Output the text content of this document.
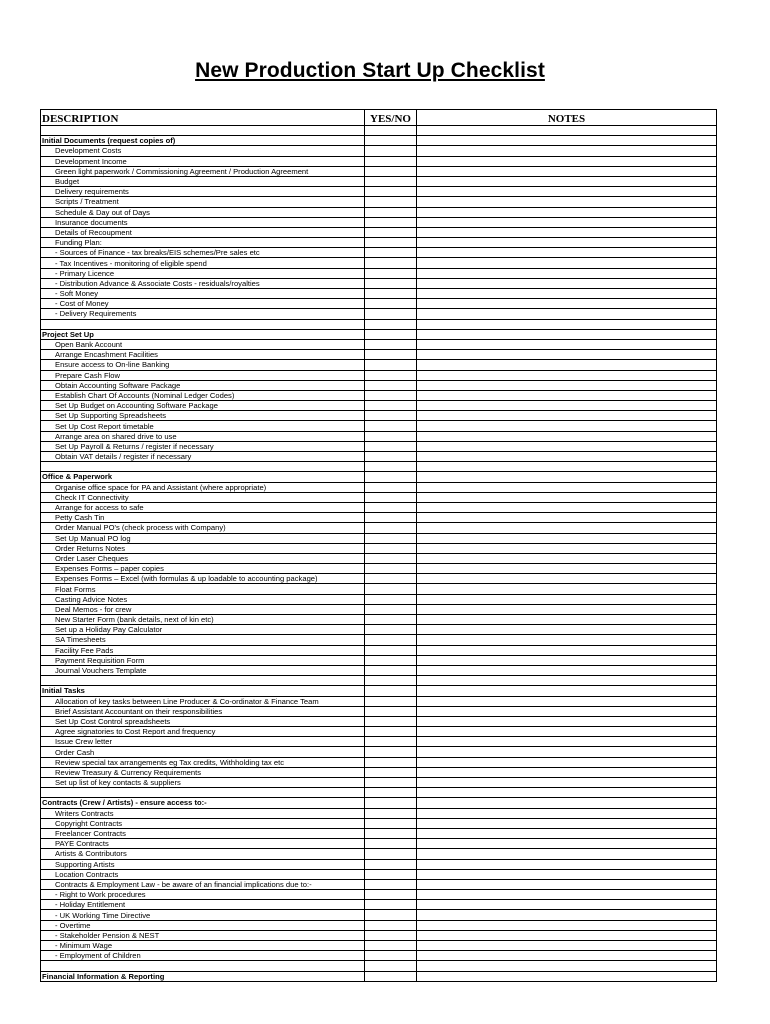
New Production Start Up Checklist
DESCRIPTION	YES/NO	NOTES

Initial Documents (request copies of)		
Development Costs		
Development Income		
Green light paperwork / Commissioning Agreement / Production Agreement		
Budget		
Delivery requirements		
Scripts / Treatment		
Schedule & Day out of Days		
Insurance documents		
Details of Recoupment		
Funding Plan:		
- Sources of Finance - tax breaks/EIS schemes/Pre sales etc		
- Tax Incentives - monitoring of eligible spend		
- Primary Licence		
- Distribution Advance & Associate Costs - residuals/royalties		
- Soft Money		
- Cost of Money		
- Delivery Requirements		

Project Set Up		
Open Bank Account		
Arrange Encashment Facilities		
Ensure access to On-line Banking		
Prepare Cash Flow		
Obtain Accounting Software Package		
Establish Chart Of Accounts (Nominal Ledger Codes)		
Set Up Budget on Accounting Software Package		
Set Up Supporting Spreadsheets		
Set Up Cost Report timetable		
Arrange area on shared drive to use		
Set Up Payroll & Returns / register if necessary		
Obtain VAT details / register if necessary		

Office & Paperwork		
Organise office space for PA and Assistant (where appropriate)		
Check IT Connectivity		
Arrange for access to safe		
Petty Cash Tin		
Order Manual PO's (check process with Company)		
Set Up Manual PO log		
Order Returns Notes		
Order Laser Cheques		
Expenses Forms – paper copies		
Expenses Forms – Excel (with formulas & up loadable to accounting package)		
Float Forms		
Casting Advice Notes		
Deal Memos - for crew		
New Starter Form (bank details, next of kin etc)		
Set up a Holiday Pay Calculator		
SA Timesheets		
Facility Fee Pads		
Payment Requisition Form		
Journal Vouchers Template		

Initial Tasks		
Allocation of key tasks between Line Producer & Co-ordinator & Finance Team		
Brief Assistant Accountant on their responsibilities		
Set Up Cost Control spreadsheets		
Agree signatories to Cost Report and frequency		
Issue Crew letter		
Order Cash		
Review special tax arrangements eg Tax credits, Withholding tax etc		
Review Treasury & Currency Requirements		
Set up list of key contacts & suppliers		

Contracts (Crew / Artists) - ensure access to:-		
Writers Contracts		
Copyright Contracts		
Freelancer Contracts		
PAYE Contracts		
Artists & Contributors		
Supporting Artists		
Location Contracts		
Contracts & Employment Law - be aware of an financial implications due to:-		
- Right to Work procedures		
- Holiday Entitlement		
- UK Working Time Directive		
- Overtime		
- Stakeholder Pension & NEST		
- Minimum Wage		
- Employment of Children		

Financial Information & Reporting		
